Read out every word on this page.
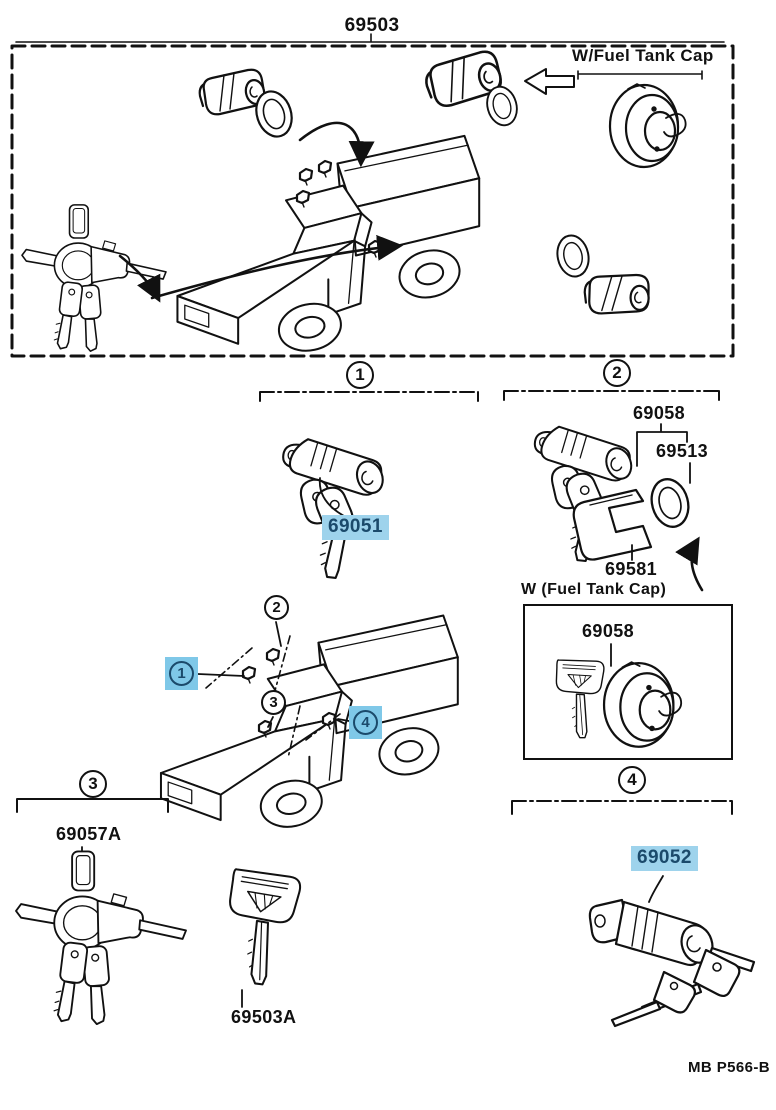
69503
W/Fuel Tank Cap
1	2
69051
69058
69513
69581
W (Fuel Tank Cap)
69058
4
2
1
3
4
3
69057A
69503A
69052
MB P566-B
